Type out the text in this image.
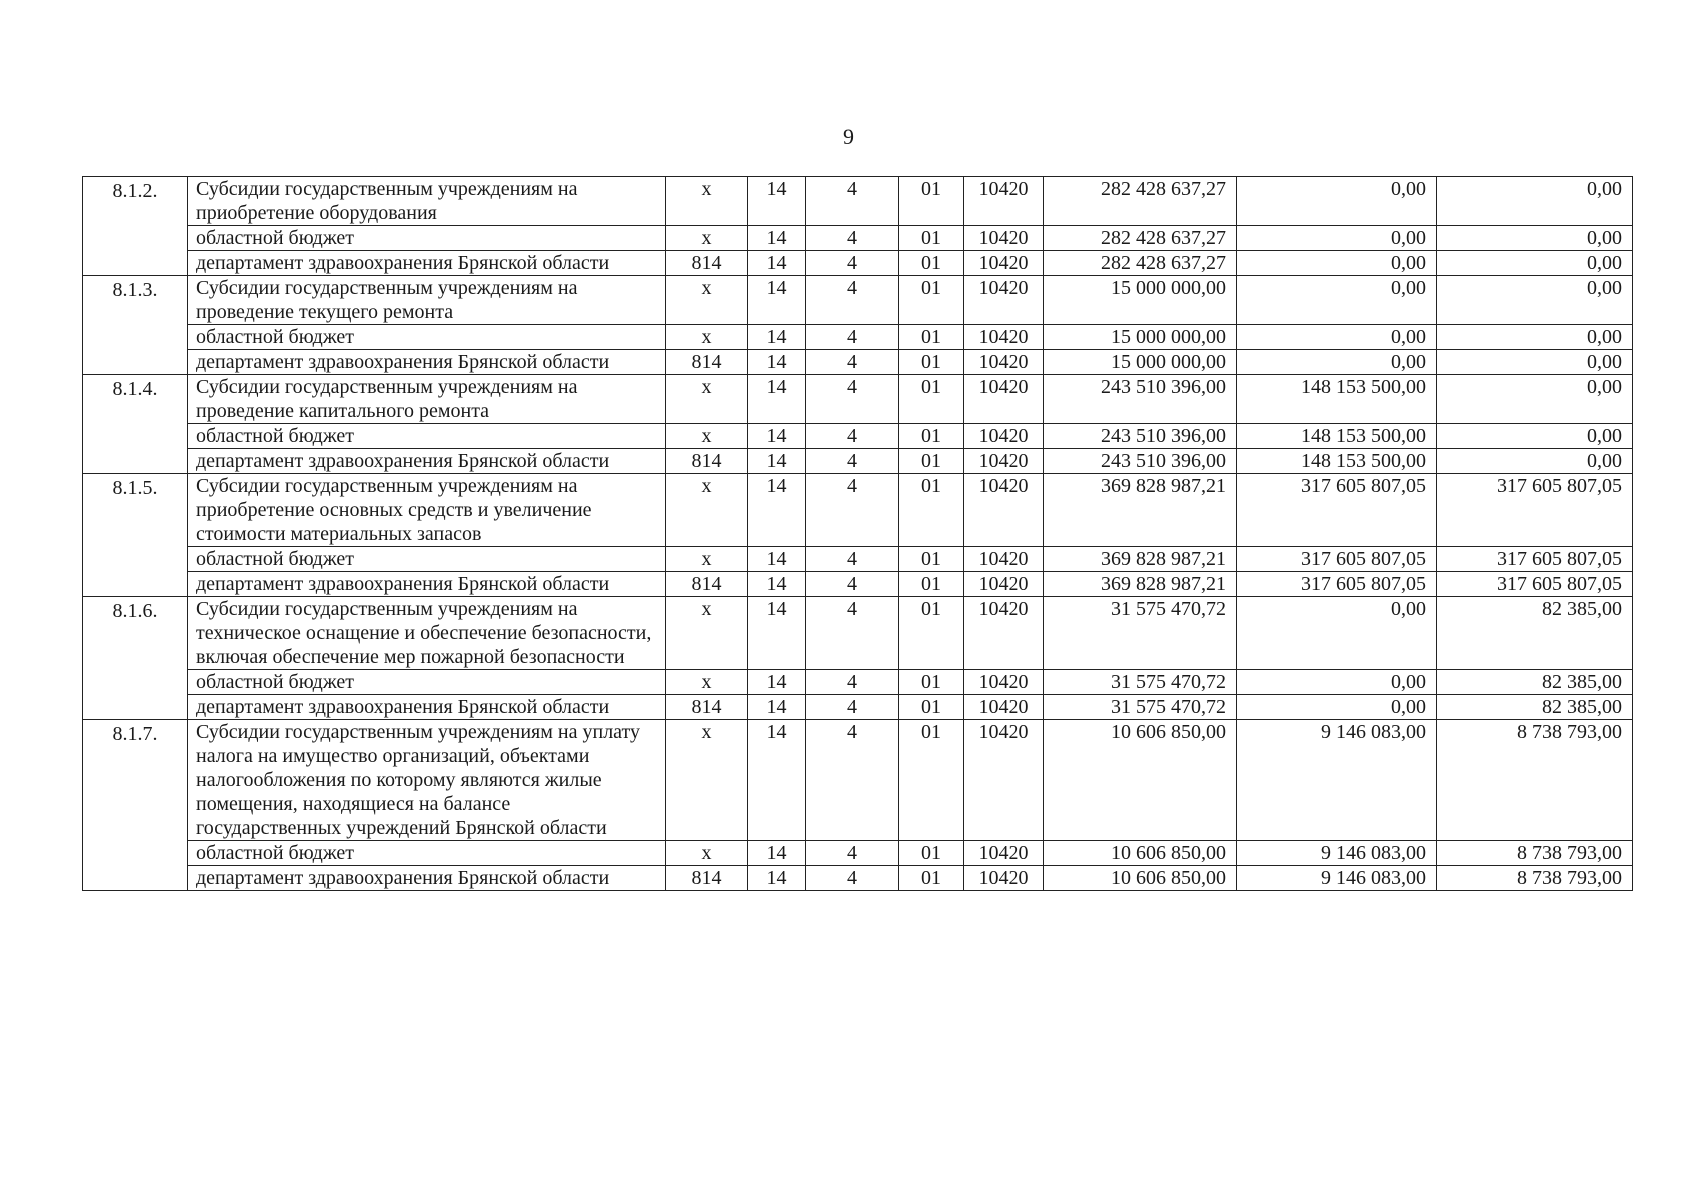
9
8.1.2.	Субсидии государственным учреждениям на приобретение оборудования	х	14	4	01	10420	282 428 637,27	0,00	0,00
	областной бюджет	х	14	4	01	10420	282 428 637,27	0,00	0,00
	департамент здравоохранения Брянской области	814	14	4	01	10420	282 428 637,27	0,00	0,00
8.1.3.	Субсидии государственным учреждениям на проведение текущего ремонта	х	14	4	01	10420	15 000 000,00	0,00	0,00
	областной бюджет	х	14	4	01	10420	15 000 000,00	0,00	0,00
	департамент здравоохранения Брянской области	814	14	4	01	10420	15 000 000,00	0,00	0,00
8.1.4.	Субсидии государственным учреждениям на проведение капитального ремонта	х	14	4	01	10420	243 510 396,00	148 153 500,00	0,00
	областной бюджет	х	14	4	01	10420	243 510 396,00	148 153 500,00	0,00
	департамент здравоохранения Брянской области	814	14	4	01	10420	243 510 396,00	148 153 500,00	0,00
8.1.5.	Субсидии государственным учреждениям на приобретение основных средств и увеличение стоимости материальных запасов	х	14	4	01	10420	369 828 987,21	317 605 807,05	317 605 807,05
	областной бюджет	х	14	4	01	10420	369 828 987,21	317 605 807,05	317 605 807,05
	департамент здравоохранения Брянской области	814	14	4	01	10420	369 828 987,21	317 605 807,05	317 605 807,05
8.1.6.	Субсидии государственным учреждениям на техническое оснащение и обеспечение безопасности, включая обеспечение мер пожарной безопасности	х	14	4	01	10420	31 575 470,72	0,00	82 385,00
	областной бюджет	х	14	4	01	10420	31 575 470,72	0,00	82 385,00
	департамент здравоохранения Брянской области	814	14	4	01	10420	31 575 470,72	0,00	82 385,00
8.1.7.	Субсидии государственным учреждениям на уплату налога на имущество организаций, объектами налогообложения по которому являются жилые помещения, находящиеся на балансе государственных учреждений Брянской области	х	14	4	01	10420	10 606 850,00	9 146 083,00	8 738 793,00
	областной бюджет	х	14	4	01	10420	10 606 850,00	9 146 083,00	8 738 793,00
	департамент здравоохранения Брянской области	814	14	4	01	10420	10 606 850,00	9 146 083,00	8 738 793,00
